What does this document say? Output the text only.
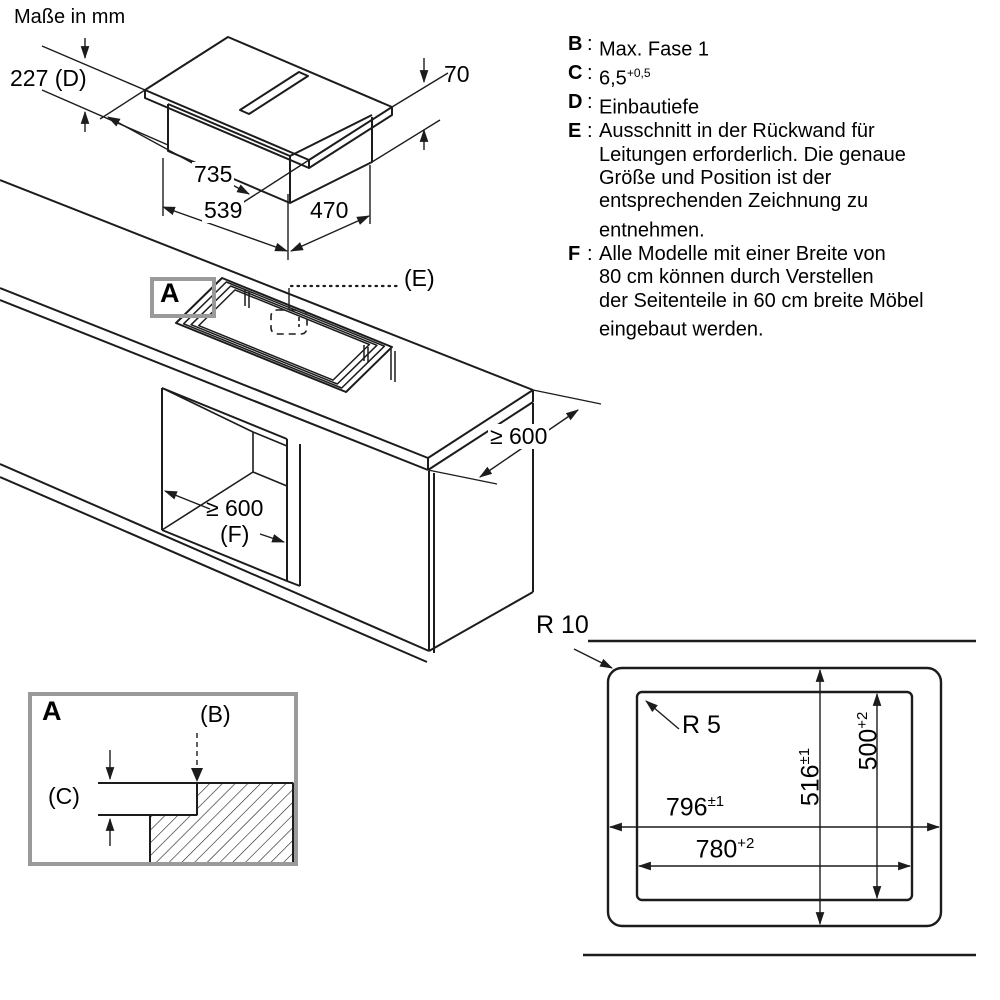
Maße in mm
227 (D)	70
735
539	470
A	(E)
≥ 600
≥ 600
(F)
B : Max. Fase 1
C : $6,5^{+0,5}$
D : Einbautiefe
E : Ausschnitt in der Rückwand für
Leitungen erforderlich. Die genaue
Größe und Position ist der
entsprechenden Zeichnung zu
entnehmen.
F : Alle Modelle mit einer Breite von
80 cm können durch Verstellen
der Seitenteile in 60 cm breite Möbel
eingebaut werden.
A	(B)
(C)
R 10
R 5
$796^{\pm 1}$
$780^{+2}$
$516^{\pm 1}$	$500^{+2}$
